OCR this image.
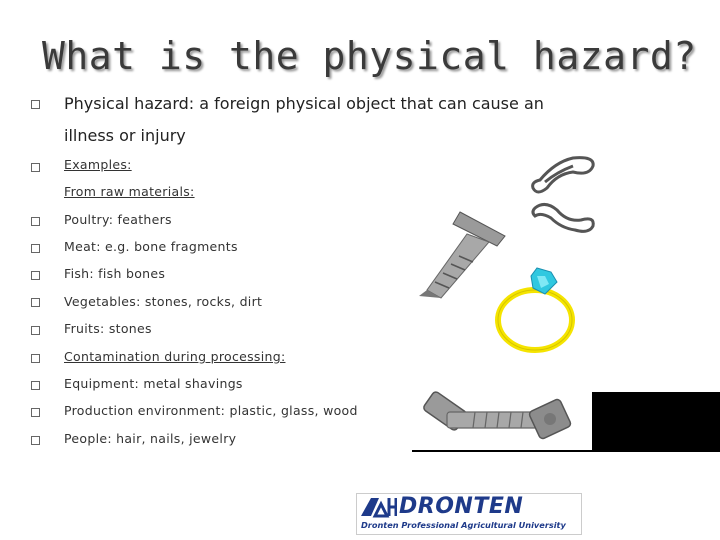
What is the physical hazard?
Physical hazard: a foreign physical object that can cause an
illness or injury
Examples:
From raw materials:
Poultry: feathers
Meat: e.g. bone fragments
Fish: fish bones
Vegetables: stones, rocks, dirt
Fruits: stones
Contamination during processing:
Equipment: metal shavings
Production environment: plastic, glass, wood
People: hair, nails, jewelry
DRONTEN
Dronten Professional Agricultural University
